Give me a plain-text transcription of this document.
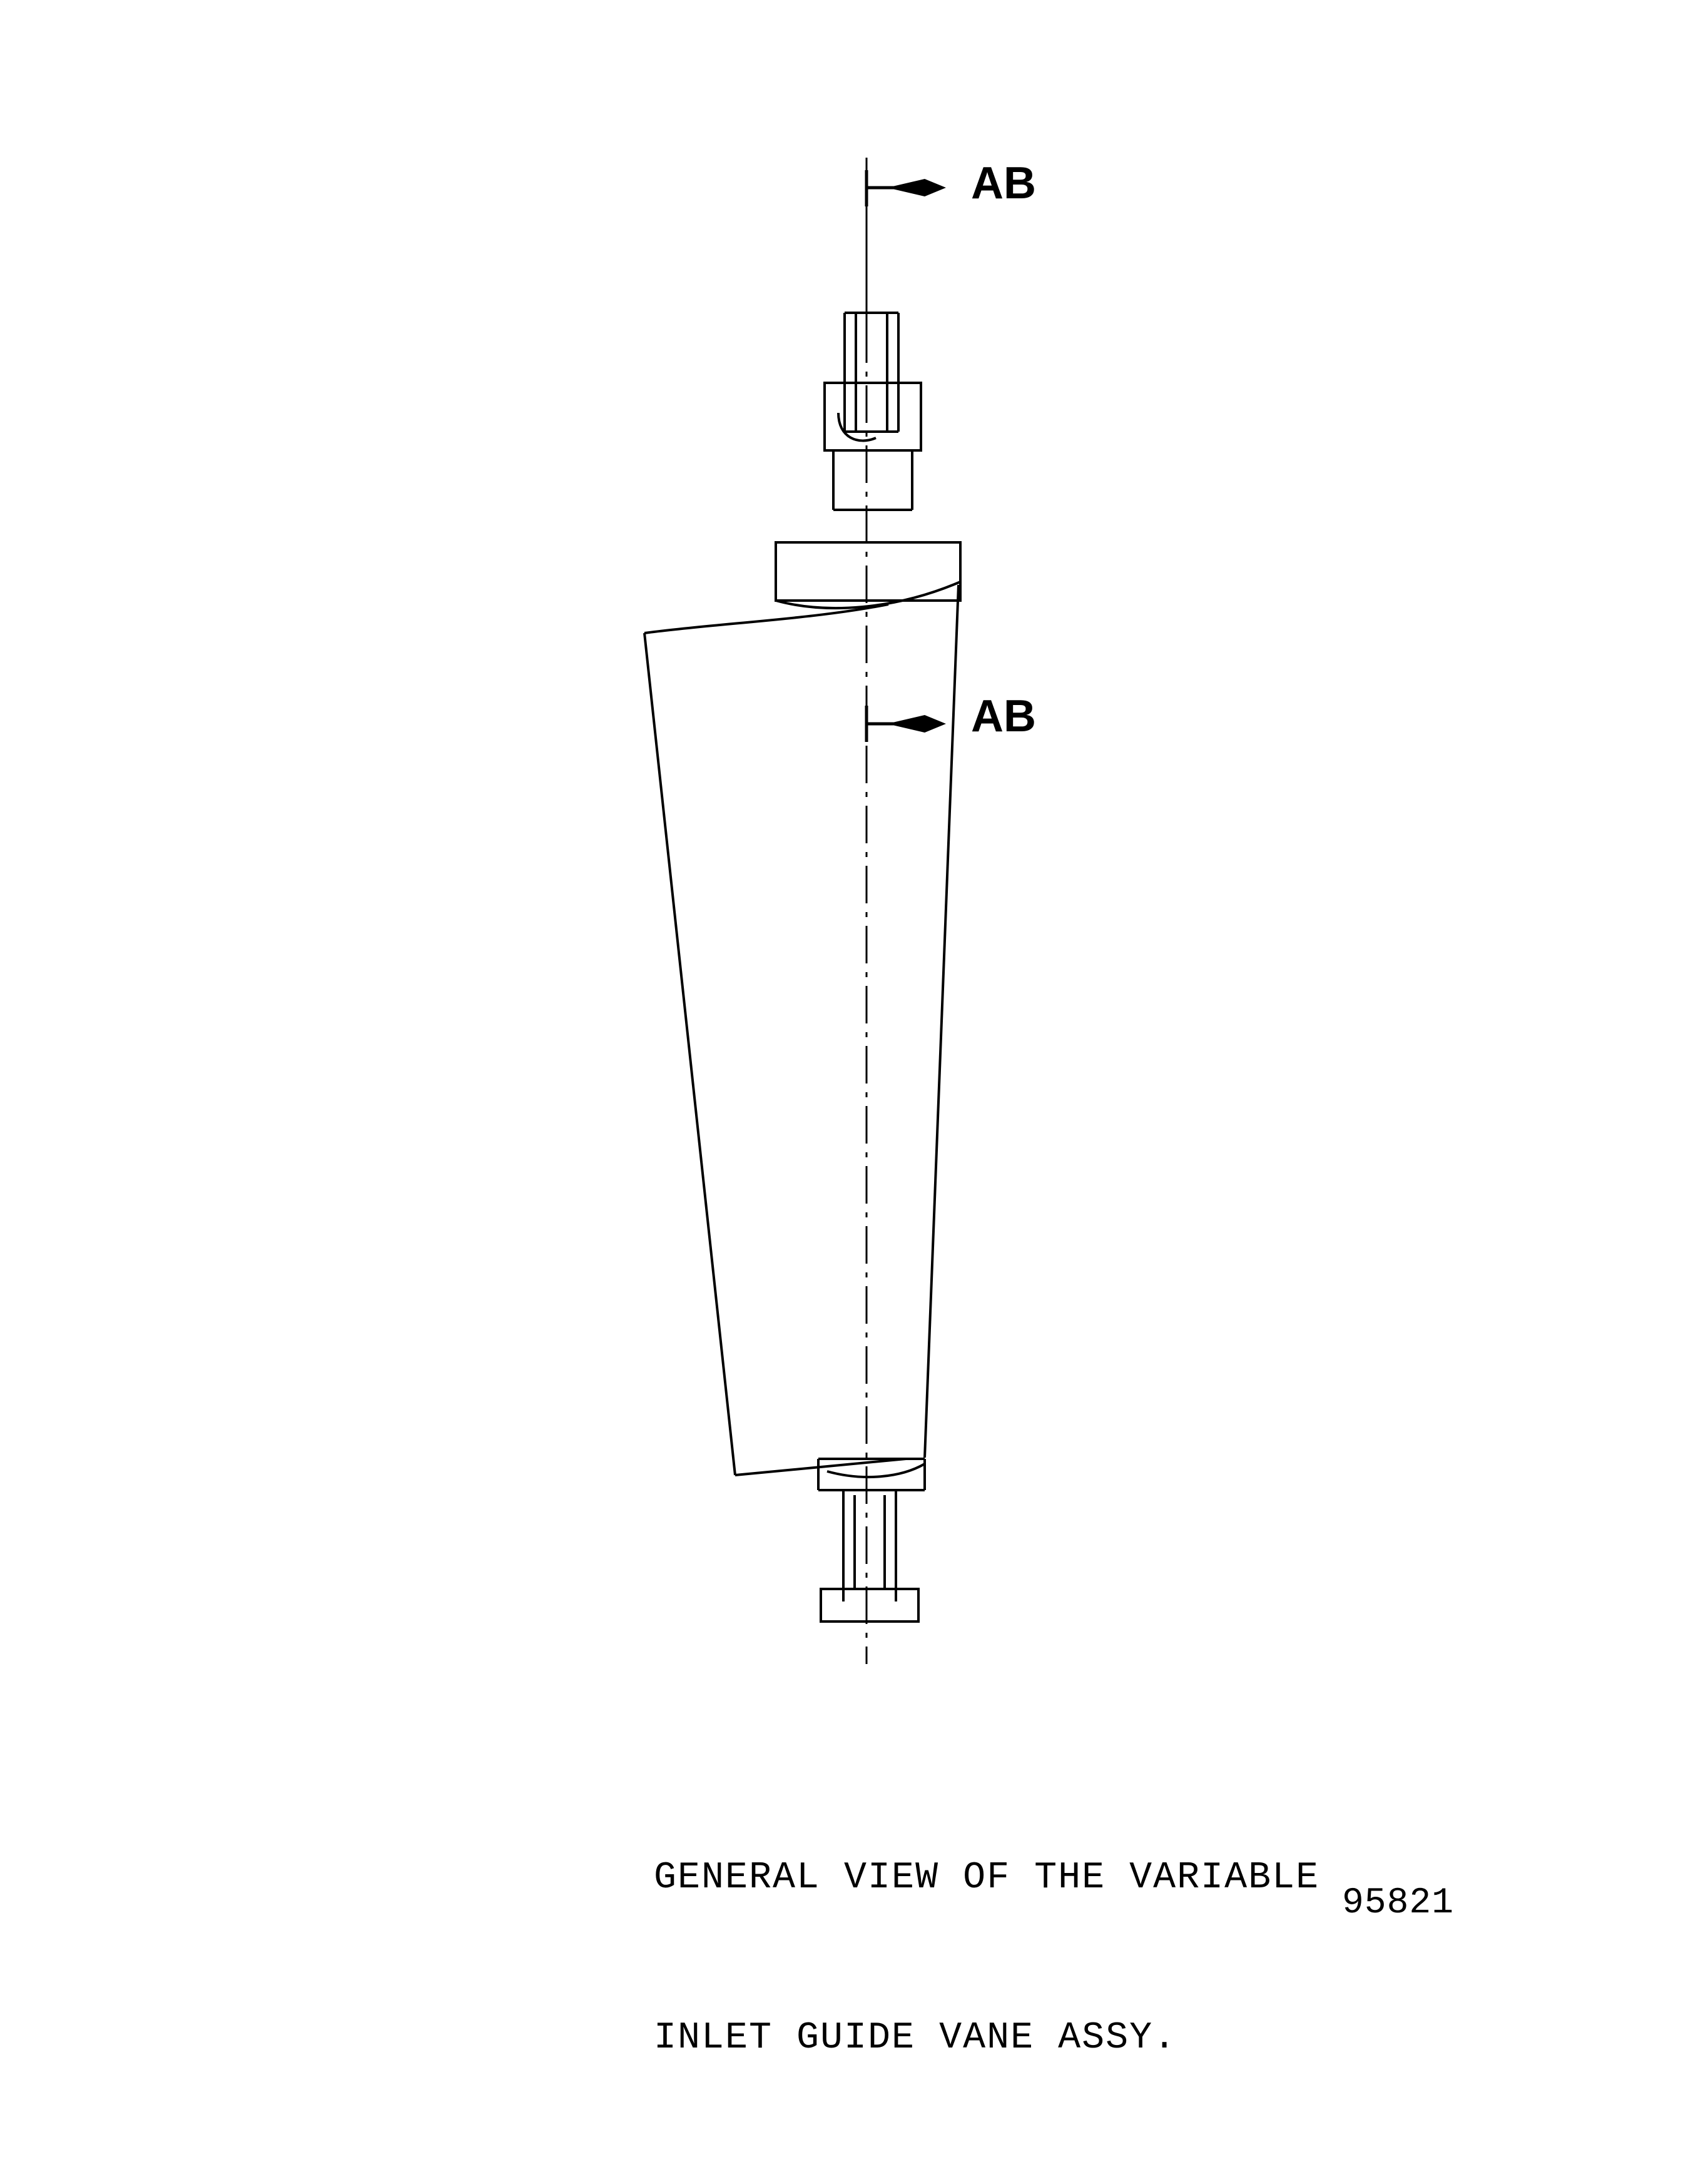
AB
AB

GENERAL VIEW OF THE VARIABLE

INLET GUIDE VANE ASSY.

95821
